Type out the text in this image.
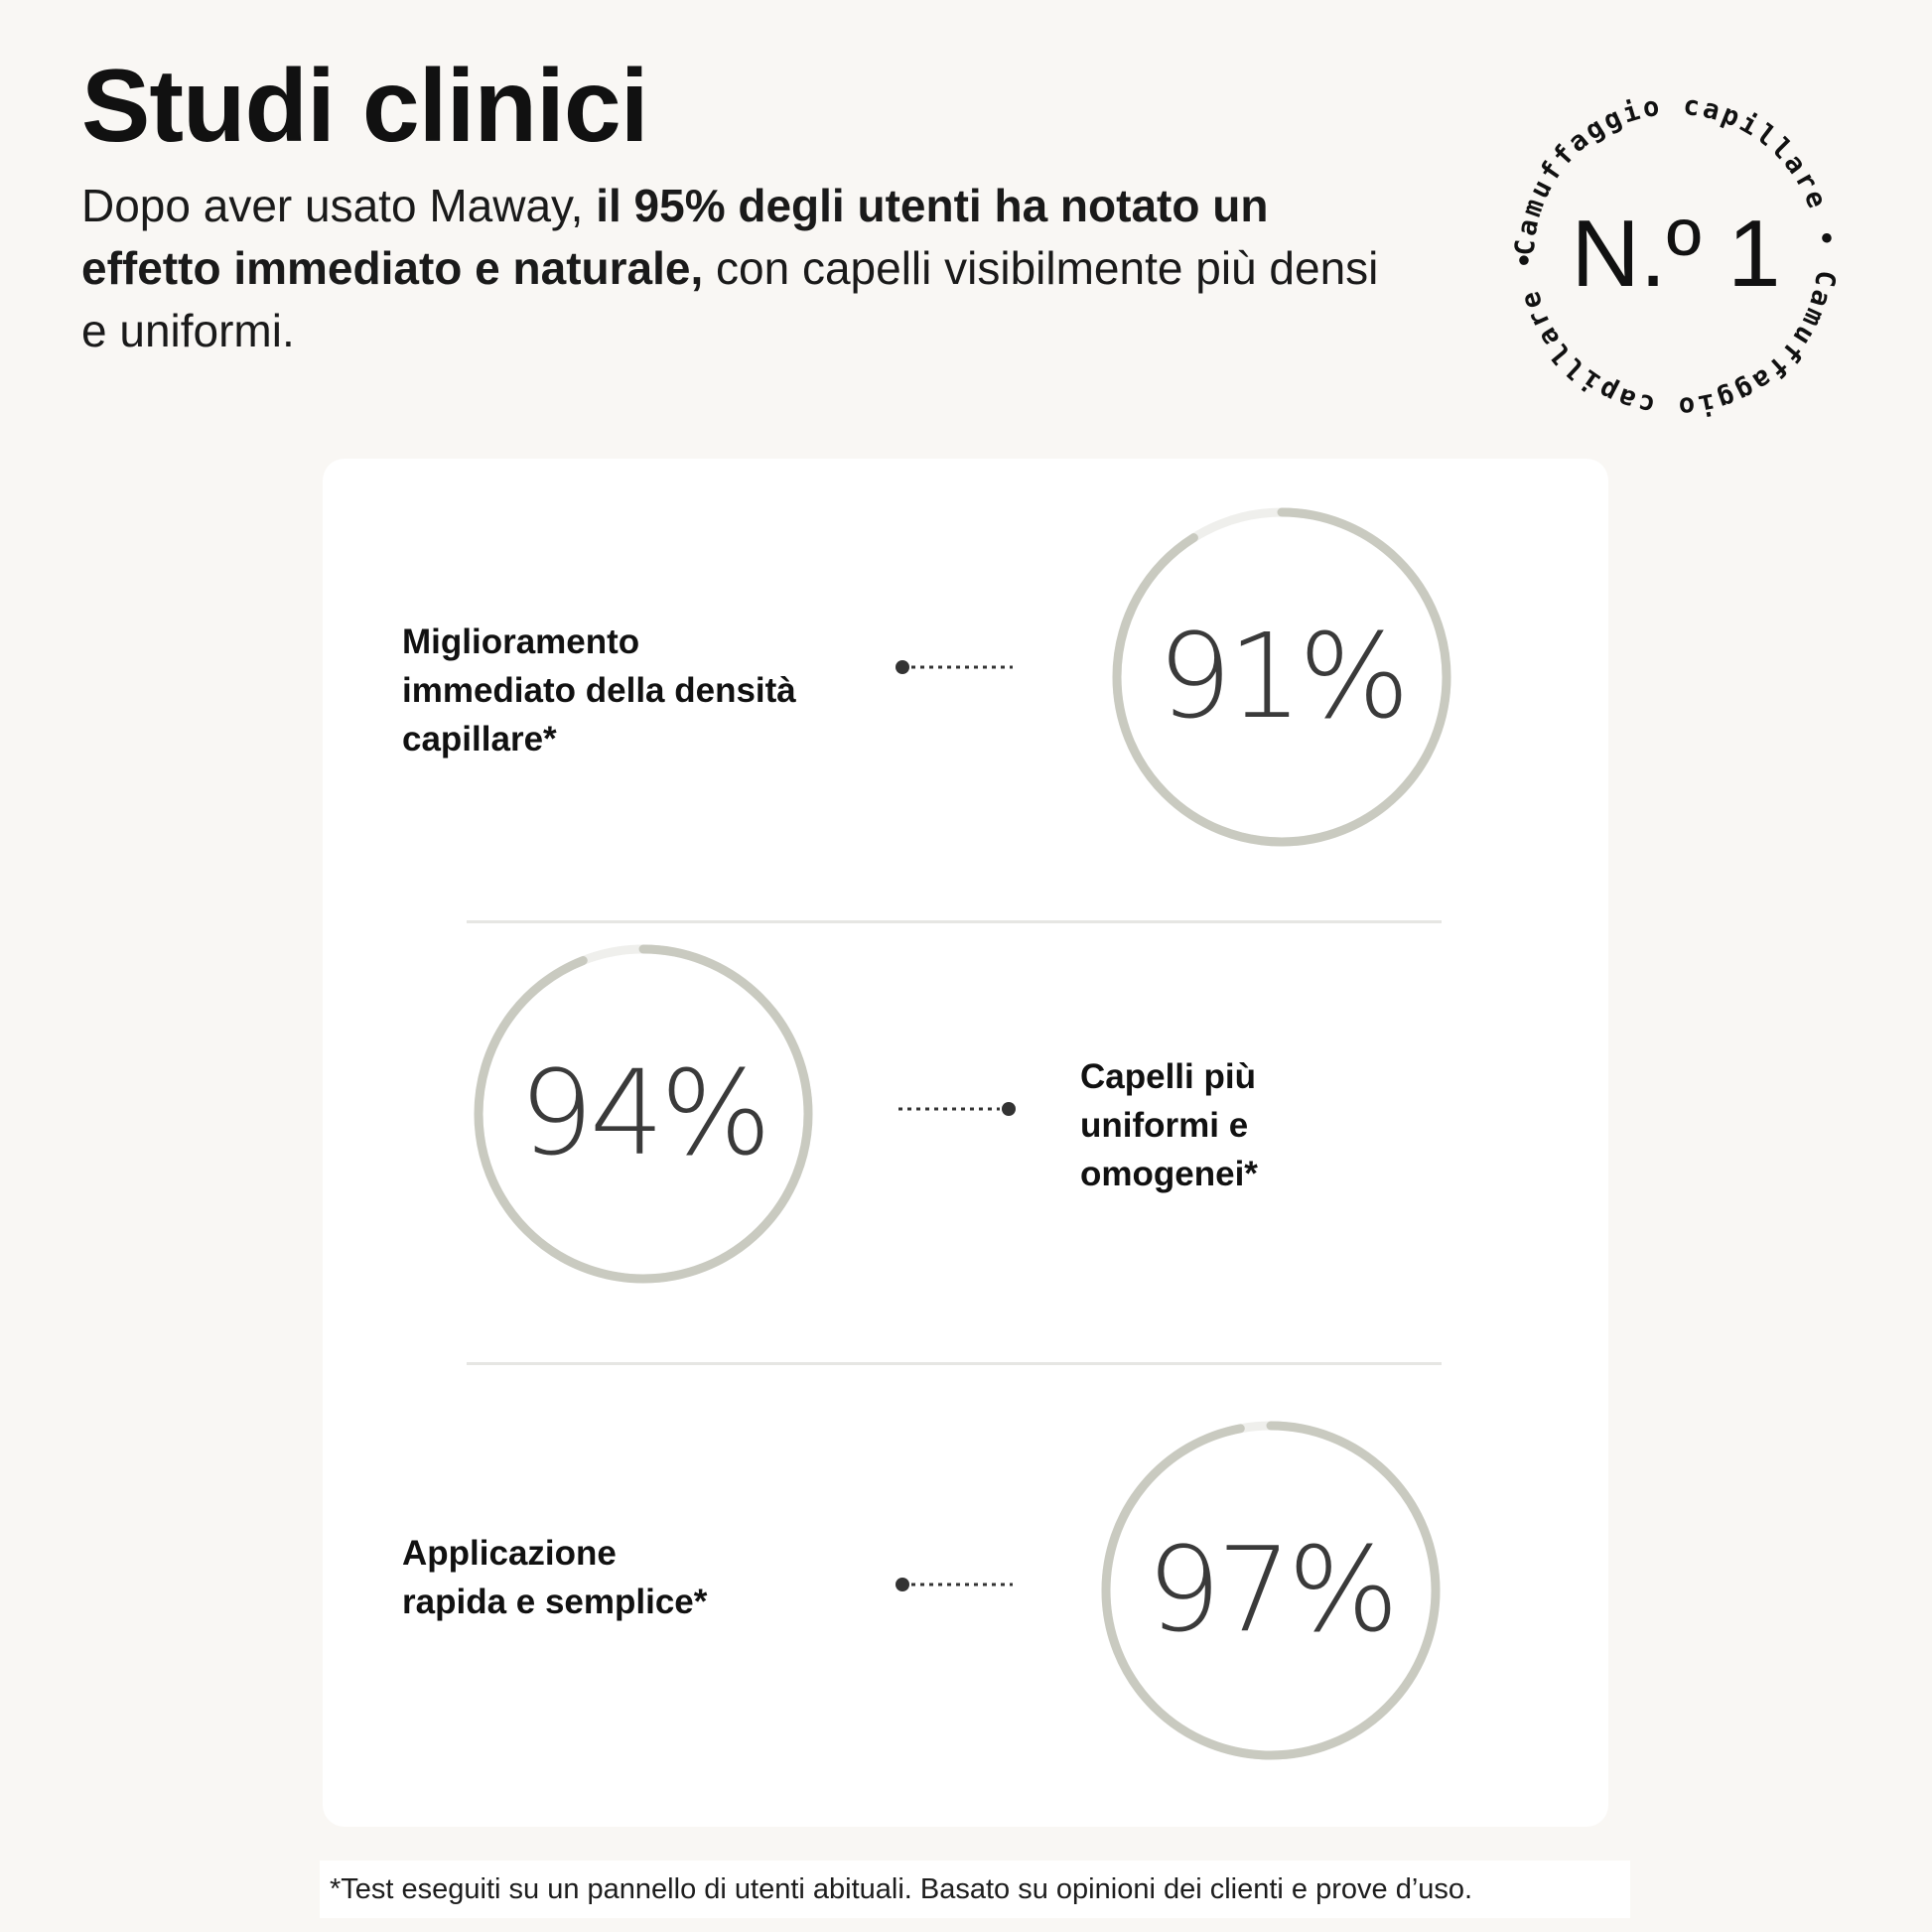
Studi clinici

Dopo aver usato Maway, il 95% degli utenti ha notato un effetto immediato e naturale, con capelli visibilmente più densi e uniformi.

Camuffaggio capillare • Camuffaggio capillare • N.º 1

Miglioramento
immediato della densità
capillare*	91%
94%	Capelli più
uniformi e
omogenei*

Applicazione
rapida e semplice*	97%
*Test eseguiti su un pannello di utenti abituali. Basato su opinioni dei clienti e prove d’uso.
